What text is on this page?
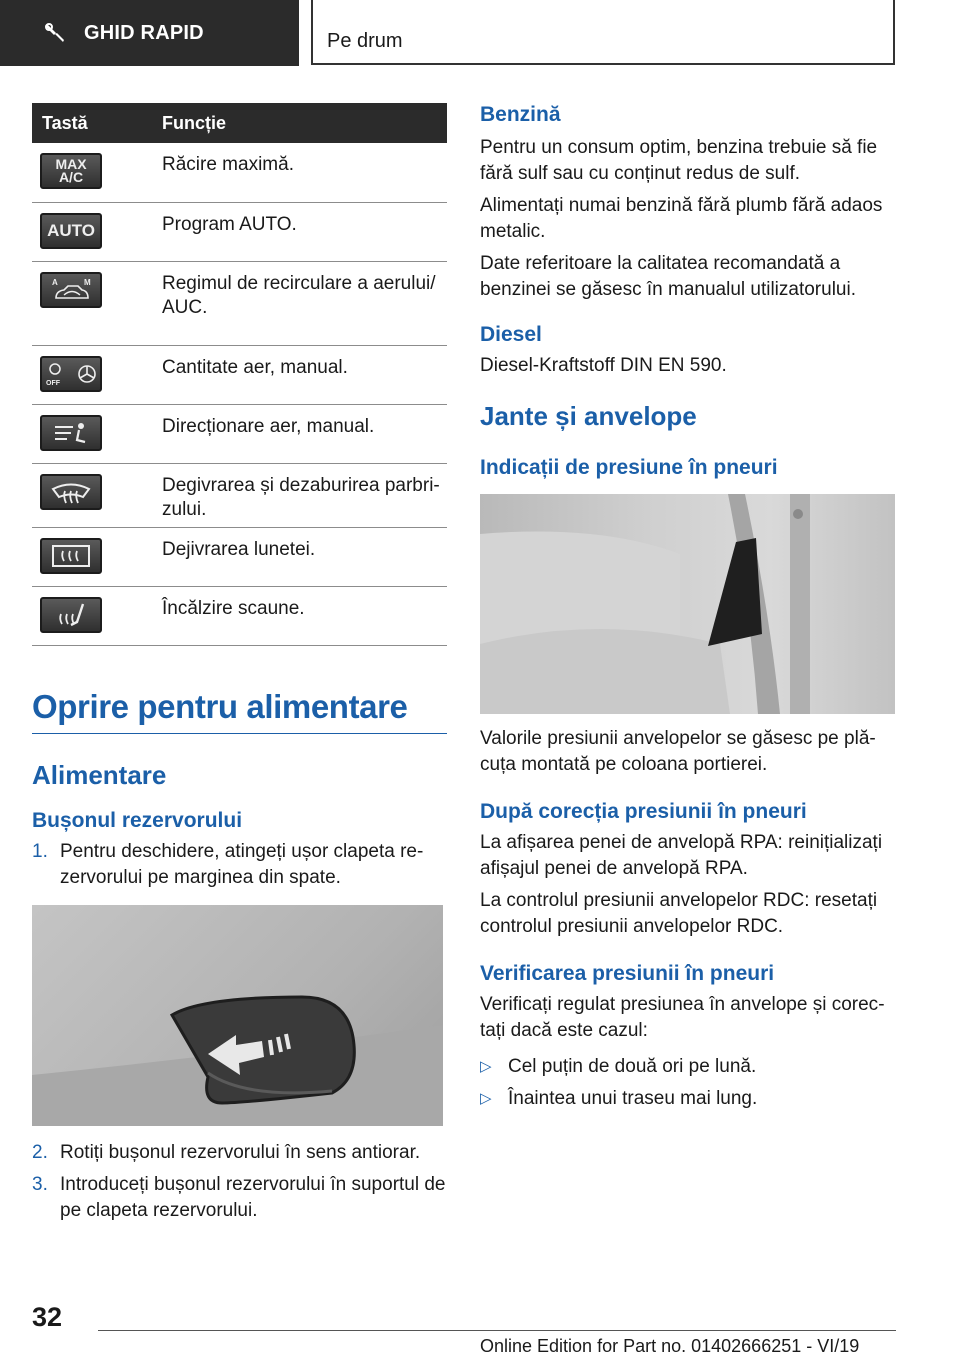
GHID RAPID	Pe drum
Tastă	Funcție

MAX A/C	Răcire maximă.

AUTO	Program AUTO.

A M	Regimul de recirculare a aerului/ AUC.

OFF	Cantitate aer, manual.

	Direcționare aer, manual.

	Degivrarea și dezaburirea parbrizului.

	Dejivrarea lunetei.

	Încălzire scaune.
Oprire pentru alimentare
Alimentare
Bușonul rezervorului
1. Pentru deschidere, atingeți ușor clapeta rezervorului pe marginea din spate.
2. Rotiți bușonul rezervorului în sens antiorar.
3. Introduceți bușonul rezervorului în suportul de pe clapeta rezervorului.
Benzină
Pentru un consum optim, benzina trebuie să fie fără sulf sau cu conținut redus de sulf.
Alimentați numai benzină fără plumb fără adaos metalic.
Date referitoare la calitatea recomandată a benzinei se găsesc în manualul utilizatorului.
Diesel
Diesel-Kraftstoff DIN EN 590.
Jante și anvelope
Indicații de presiune în pneuri
Valorile presiunii anvelopelor se găsesc pe plăcuța montată pe coloana portierei.
După corecția presiunii în pneuri
La afișarea penei de anvelopă RPA: reinițializați afișajul penei de anvelopă RPA.
La controlul presiunii anvelopelor RDC: resetați controlul presiunii anvelopelor RDC.
Verificarea presiunii în pneuri
Verificați regulat presiunea în anvelope și corectați dacă este cazul:
▷ Cel puțin de două ori pe lună.
▷ Înaintea unui traseu mai lung.
32
Online Edition for Part no. 01402666251 - VI/19
